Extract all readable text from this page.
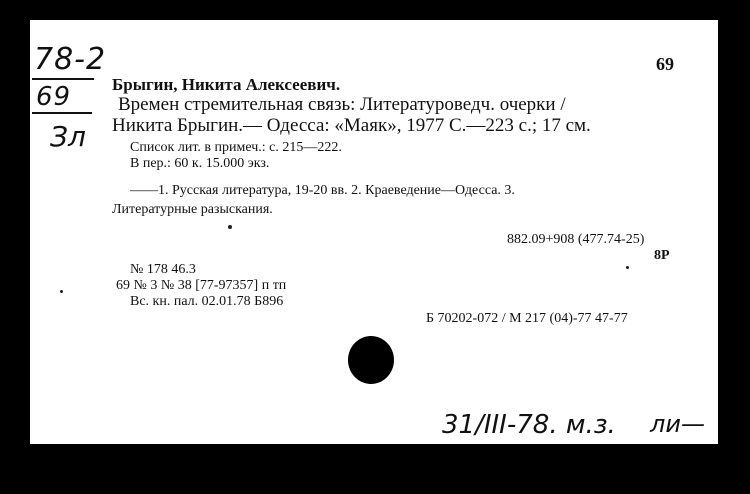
78-2
69
Зл
69
Брыгин, Никита Алексеевич.
Времен стремительная связь: Литературоведч. очерки /
Никита Брыгин.— Одесса: «Маяк», 1977 С.—223 с.; 17 см.
Список лит. в примеч.: с. 215—222.
В пер.: 60 к. 15.000 экз.
——1. Русская литература, 19-20 вв. 2. Краеведение—Одесса. 3.
Литературные разыскания.
882.09+908 (477.74-25)
8Р
№ 178 46.3
69 № 3 № 38 [77-97357] п тп
Вс. кн. пал. 02.01.78 Б896
Б 70202-072 / М 217 (04)-77 47-77
31/III-78. м.з. ли—
